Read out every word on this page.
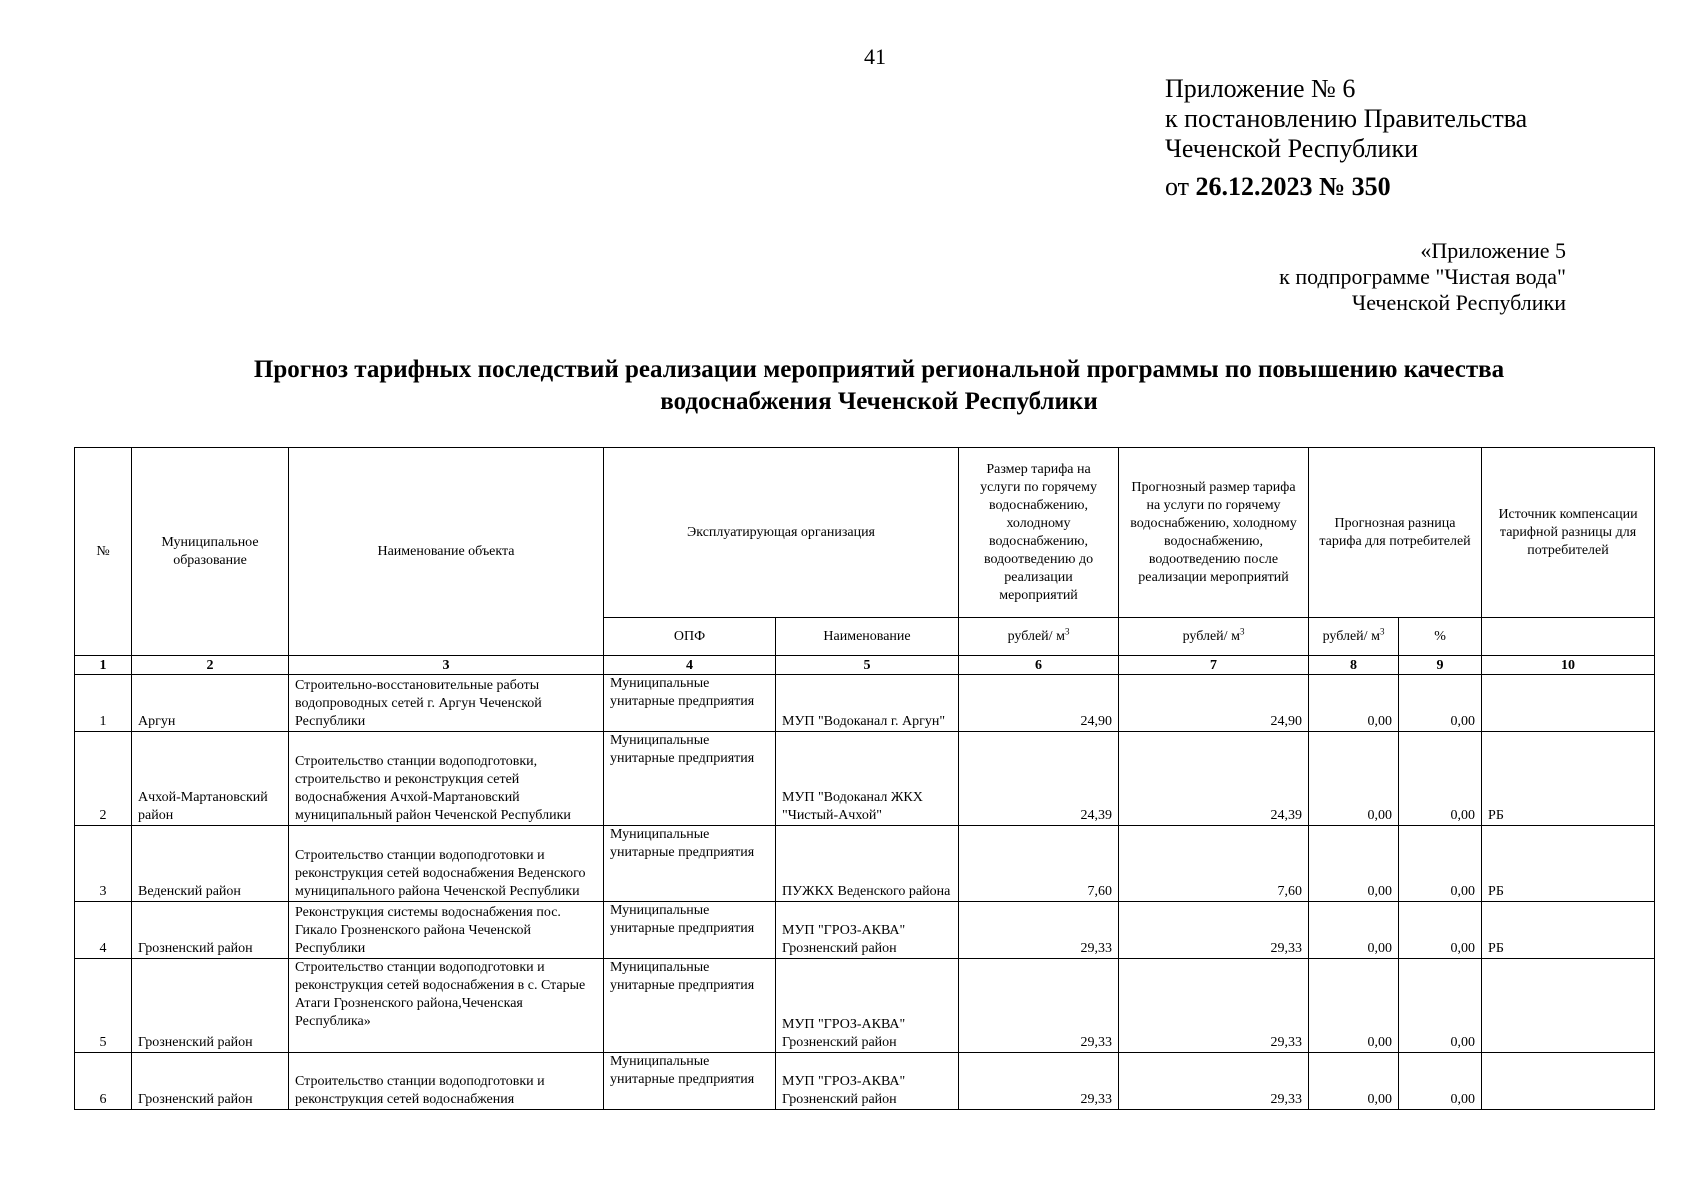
41
Приложение № 6
к постановлению Правительства
Чеченской Республики
от 26.12.2023 № 350
«Приложение 5
к подпрограмме "Чистая вода"
Чеченской Республики
Прогноз тарифных последствий реализации мероприятий региональной программы по повышению качества
водоснабжения Чеченской Республики
№	Муниципальное образование	Наименование объекта	Эксплуатирующая организация		Размер тарифа на услуги по горячему водоснабжению, холодному водоснабжению, водоотведению до реализации мероприятий	Прогнозный размер тарифа на услуги по горячему водоснабжению, холодному водоснабжению, водоотведению после реализации мероприятий	Прогнозная разница тарифа для потребителей		Источник компенсации тарифной разницы для потребителей
			ОПФ	Наименование	рублей/ $м^3$	рублей/ $м^3$	рублей/ $м^3$	%	
1	2	3	4	5	6	7	8	9	10
1	Аргун	Строительно-восстановительные работы водопроводных сетей г. Аргун Чеченской Республики	Муниципальные унитарные предприятия	МУП "Водоканал г. Аргун"	24,90	24,90	0,00	0,00	
2	Ачхой-Мартановский район	Строительство станции водоподготовки, строительство и реконструкция сетей водоснабжения Ачхой-Мартановский муниципальный район Чеченской Республики	Муниципальные унитарные предприятия	МУП "Водоканал ЖКХ "Чистый-Ачхой"	24,39	24,39	0,00	0,00	РБ
3	Веденский район	Строительство станции водоподготовки и реконструкция сетей водоснабжения Веденского муниципального района Чеченской Республики	Муниципальные унитарные предприятия	ПУЖКХ Веденского района	7,60	7,60	0,00	0,00	РБ
4	Грозненский район	Реконструкция системы водоснабжения пос. Гикало Грозненского района Чеченской Республики	Муниципальные унитарные предприятия	МУП "ГРОЗ-АКВА" Грозненский район	29,33	29,33	0,00	0,00	РБ
5	Грозненский район	Строительство станции водоподготовки и реконструкция сетей водоснабжения в с. Старые Атаги Грозненского района,Чеченская Республика»	Муниципальные унитарные предприятия	МУП "ГРОЗ-АКВА" Грозненский район	29,33	29,33	0,00	0,00	
6	Грозненский район	Строительство станции водоподготовки и реконструкция сетей водоснабжения	Муниципальные унитарные предприятия	МУП "ГРОЗ-АКВА" Грозненский район	29,33	29,33	0,00	0,00	
